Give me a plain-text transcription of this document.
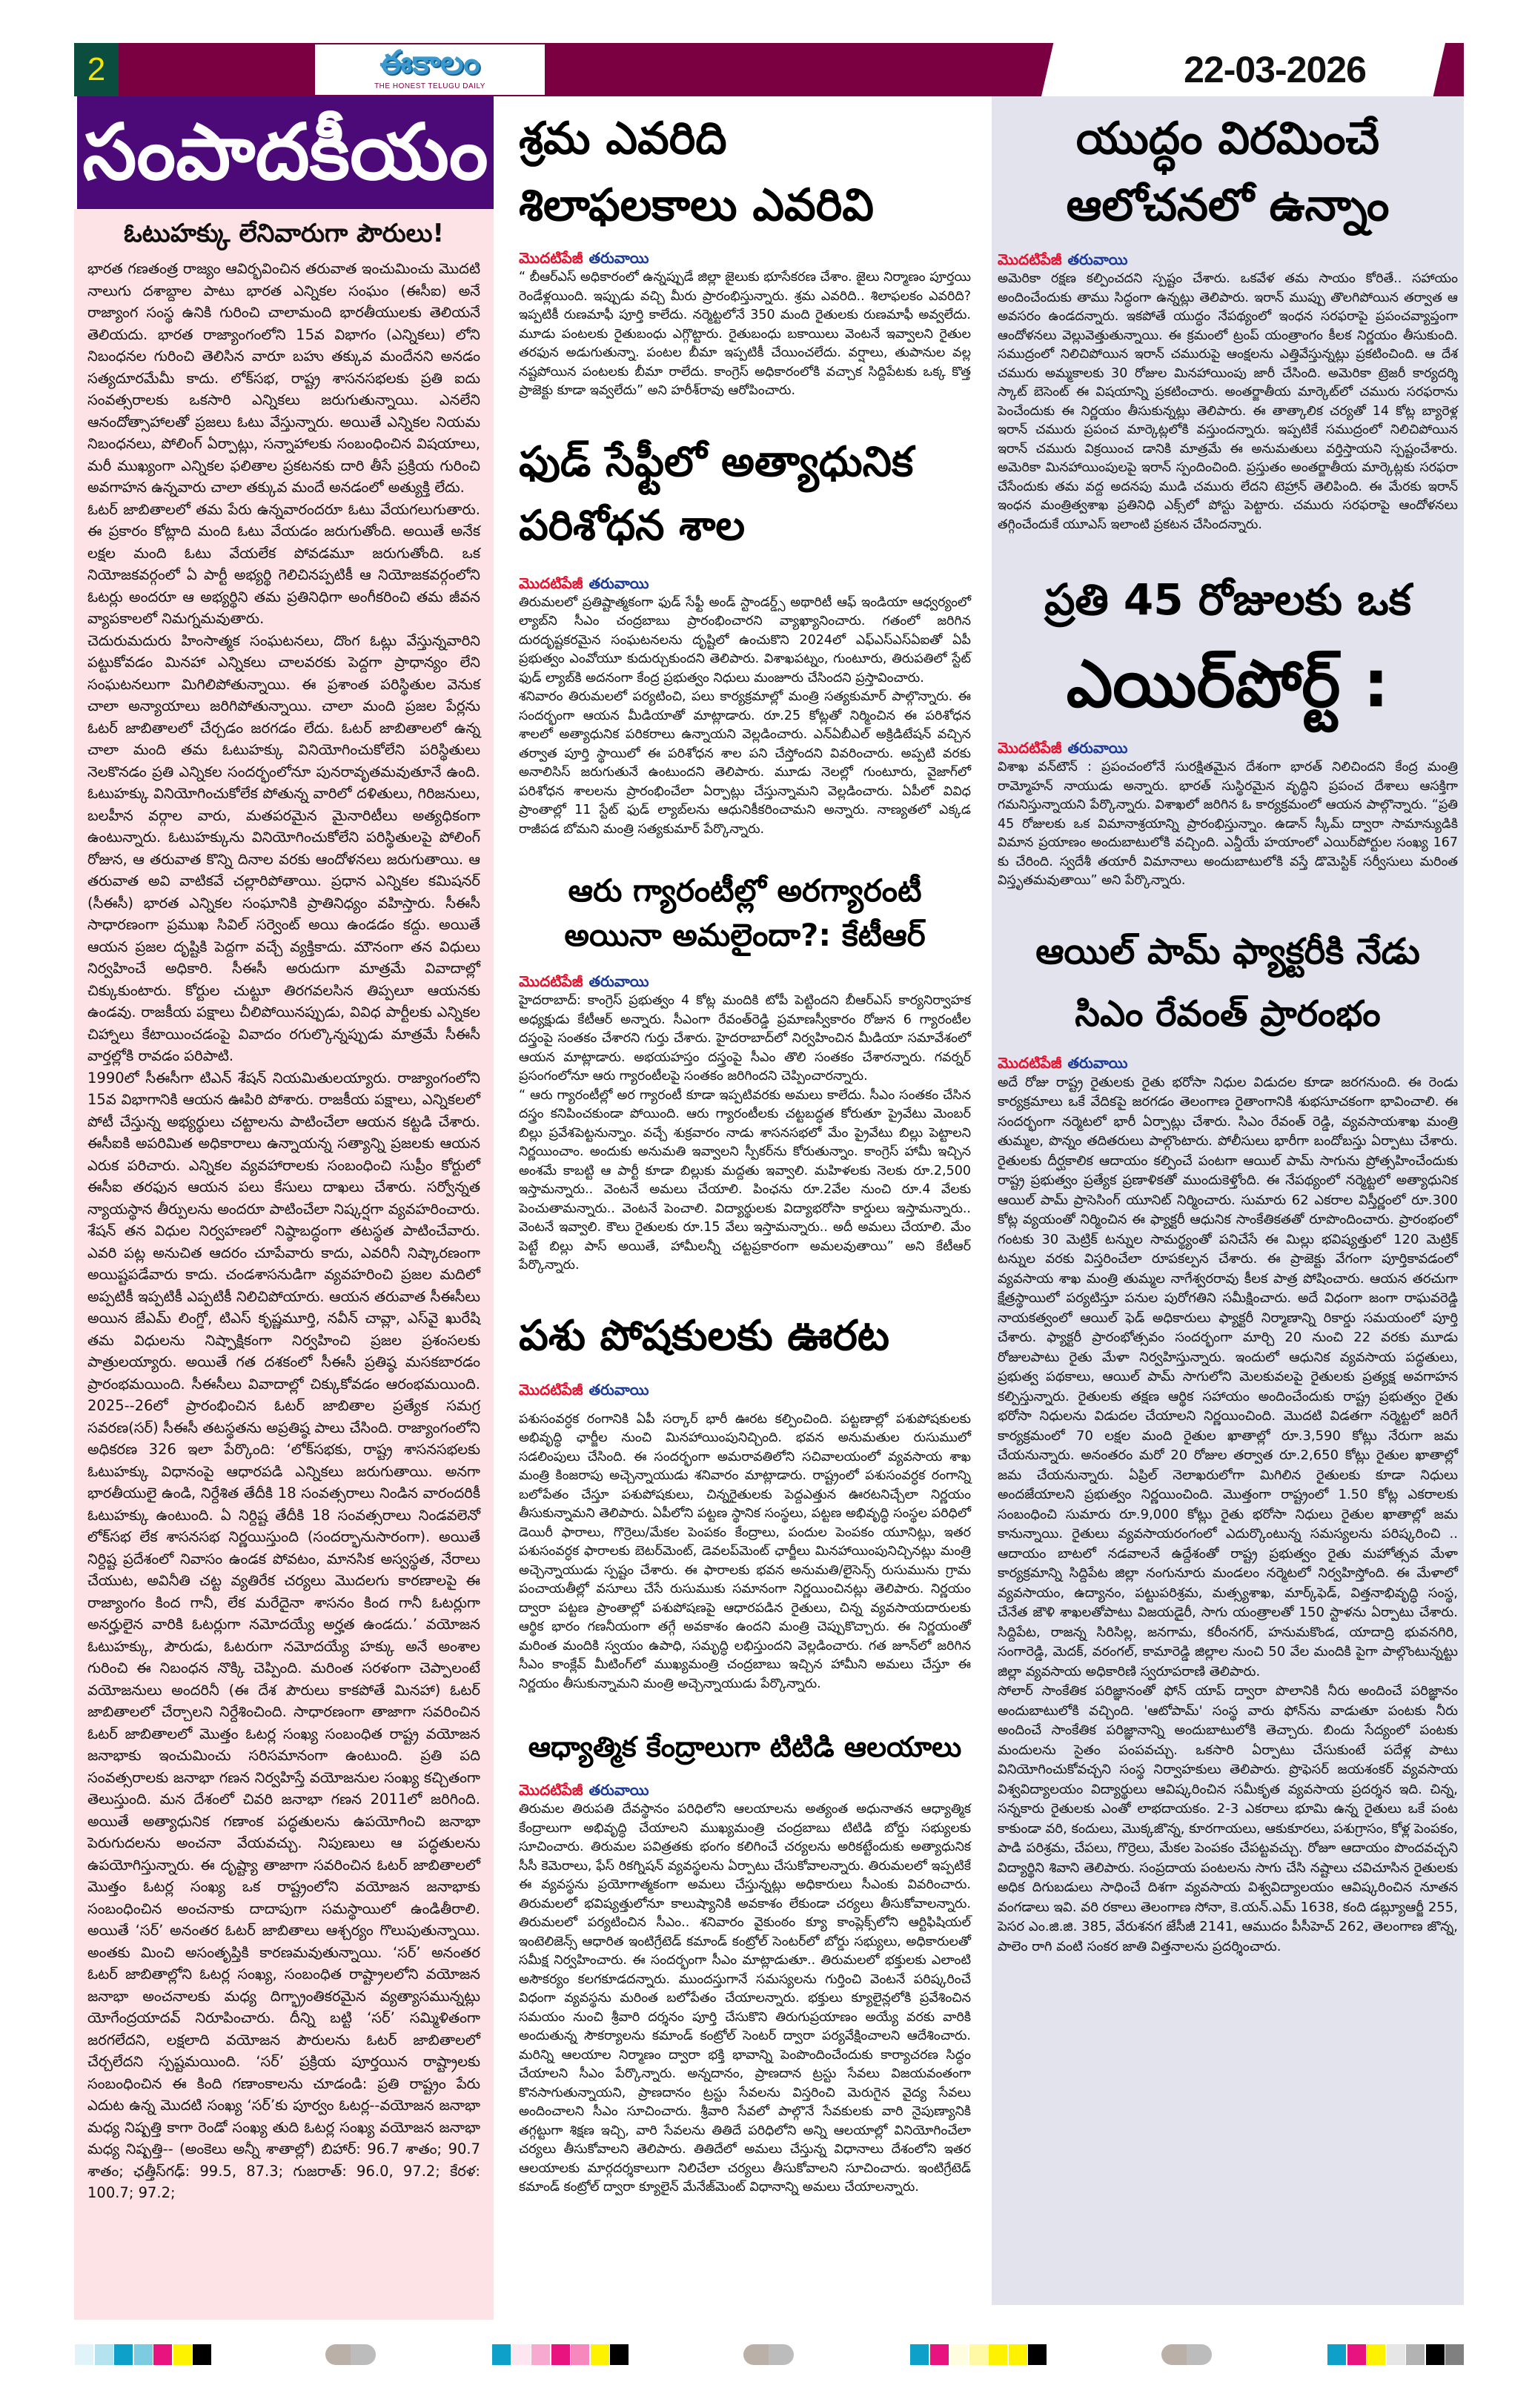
2	ఈకాలం
THE HONEST TELUGU DAILY	22-03-2026
సంపాదకీయం
ఓటుహక్కు లేనివారుగా పౌరులు!

భారత గణతంత్ర రాజ్యం ఆవిర్భవించిన తరువాత ఇంచుమించు మొదటి నాలుగు దశాబ్దాల పాటు భారత ఎన్నికల సంఘం (ఈసీఐ) అనే రాజ్యాంగ సంస్థ ఉనికి గురించి చాలామంది భారతీయులకు తెలియనే తెలియదు. భారత రాజ్యాంగంలోని 15వ విభాగం (ఎన్నికలు) లోని నిబంధనల గురించి తెలిసిన వారూ బహు తక్కువ మందేనని అనడం సత్యదూరమేమీ కాదు. లోక్‌సభ, రాష్ట్ర శాసనసభలకు ప్రతి ఐదు సంవత్సరాలకు ఒకసారి ఎన్నికలు జరుగుతున్నాయి. ఎనలేని ఆనందోత్సాహాలతో ప్రజలు ఓటు వేస్తున్నారు. అయితే ఎన్నికల నియమ నిబంధనలు, పోలింగ్ ఏర్పాట్లు, సన్నాహాలకు సంబంధించిన విషయాలు, మరీ ముఖ్యంగా ఎన్నికల ఫలితాల ప్రకటనకు దారి తీసే ప్రక్రియ గురించి అవగాహన ఉన్నవారు చాలా తక్కువ మందే అనడంలో అత్యుక్తి లేదు.

ఓటర్ జాబితాలలో తమ పేరు ఉన్నవారందరూ ఓటు వేయగలుగుతారు. ఈ ప్రకారం కోట్లాది మంది ఓటు వేయడం జరుగుతోంది. అయితే అనేక లక్షల మంది ఓటు వేయలేక పోవడమూ జరుగుతోంది. ఒక నియోజకవర్గంలో ఏ పార్టీ అభ్యర్థి గెలిచినప్పటికీ ఆ నియోజకవర్గంలోని ఓటర్లు అందరూ ఆ అభ్యర్థిని తమ ప్రతినిధిగా అంగీకరించి తమ జీవన వ్యాపకాలలో నిమగ్నమవుతారు.

చెదురుమదురు హింసాత్మక సంఘటనలు, దొంగ ఓట్లు వేస్తున్నవారిని పట్టుకోవడం మినహా ఎన్నికలు చాలవరకు పెద్దగా ప్రాధాన్యం లేని సంఘటనలుగా మిగిలిపోతున్నాయి. ఈ ప్రశాంత పరిస్థితుల వెనుక చాలా అన్యాయాలు జరిగిపోతున్నాయి. చాలా మంది ప్రజల పేర్లను ఓటర్ జాబితాలలో చేర్చడం జరగడం లేదు. ఓటర్ జాబితాలలో ఉన్న చాలా మంది తమ ఓటుహక్కు వినియోగించుకోలేని పరిస్థితులు నెలకొనడం ప్రతి ఎన్నికల సందర్భంలోనూ పునరావృతమవుతూనే ఉంది. ఓటుహక్కు వినియోగించుకోలేక పోతున్న వారిలో దళితులు, గిరిజనులు, బలహీన వర్గాల వారు, మతపరమైన మైనారిటీలు అత్యధికంగా ఉంటున్నారు. ఓటుహక్కును వినియోగించుకోలేని పరిస్థితులపై పోలింగ్ రోజున, ఆ తరువాత కొన్ని దినాల వరకు ఆందోళనలు జరుగుతాయి. ఆ తరువాత అవి వాటికవే చల్లారిపోతాయి. ప్రధాన ఎన్నికల కమిషనర్ (సీఈసీ) భారత ఎన్నికల సంఘానికి ప్రాతినిధ్యం వహిస్తారు. సీఈసీ సాధారణంగా ప్రముఖ సివిల్ సర్వెంట్ అయి ఉండడం కద్దు. అయితే ఆయన ప్రజల దృష్టికి పెద్దగా వచ్చే వ్యక్తికాదు. మౌనంగా తన విధులు నిర్వహించే అధికారి. సీఈసీ అరుదుగా మాత్రమే వివాదాల్లో చిక్కుకుంటారు. కోర్టుల చుట్టూ తిరగవలసిన తిప్పలూ ఆయనకు ఉండవు. రాజకీయ పక్షాలు చీలిపోయినప్పుడు, వివిధ పార్టీలకు ఎన్నికల చిహ్నాలు కేటాయించడంపై వివాదం రగుల్కొన్నప్పుడు మాత్రమే సీఈసీ వార్తల్లోకి రావడం పరిపాటి.

1990లో సీఈసీగా టిఎన్ శేషన్ నియమితులయ్యారు. రాజ్యాంగంలోని 15వ విభాగానికి ఆయన ఊపిరి పోశారు. రాజకీయ పక్షాలు, ఎన్నికలలో పోటీ చేస్తున్న అభ్యర్థులు చట్టాలను పాటించేలా ఆయన కట్టడి చేశారు. ఈసీఐకి అపరిమిత అధికారాలు ఉన్నాయన్న సత్యాన్ని ప్రజలకు ఆయన ఎరుక పరిచారు. ఎన్నికల వ్యవహారాలకు సంబంధించి సుప్రీం కోర్టులో ఈసీఐ తరఫున ఆయన పలు కేసులు దాఖలు చేశారు. సర్వోన్నత న్యాయస్థాన తీర్పులను అందరూ పాటించేలా నిష్కర్షగా వ్యవహరించారు. శేషన్ తన విధుల నిర్వహణలో నిష్ఠాబద్ధంగా తటస్థత పాటించేవారు. ఎవరి పట్ల అనుచిత ఆదరం చూపేవారు కాదు, ఎవరినీ నిష్కారణంగా అయిష్టపడేవారు కాదు. చండశాసనుడిగా వ్యవహరించి ప్రజల మదిలో అప్పటికీ ఇప్పటికీ ఎప్పటికీ నిలిచిపోయారు. ఆయన తరువాత సీఈసీలు అయిన జేఎమ్ లింగ్డో, టిఎస్ కృష్ణమూర్తి, నవీన్ చావ్లా, ఎస్‌వై ఖురేషి తమ విధులను నిష్పాక్షికంగా నిర్వహించి ప్రజల ప్రశంసలకు పాత్రులయ్యారు. అయితే గత దశకంలో సీఈసీ ప్రతిష్ఠ మసకబారడం ప్రారంభమయింది. సీఈసీలు వివాదాల్లో చిక్కుకోవడం ఆరంభమయింది. 2025--26లో ప్రారంభించిన ఓటర్ జాబితాల ప్రత్యేక సమగ్ర సవరణ(సర్) సీఈసీ తటస్థతను అప్రతిష్ఠ పాలు చేసింది. రాజ్యాంగంలోని అధికరణ 326 ఇలా పేర్కొంది: ‘లోక్‌సభకు, రాష్ట్ర శాసనసభలకు ఓటుహక్కు విధానంపై ఆధారపడి ఎన్నికలు జరుగుతాయి. అనగా భారతీయులై ఉండి, నిర్దేశిత తేదీకి 18 సంవత్సరాలు నిండిన వారందరికీ ఓటుహక్కు ఉంటుంది. ఏ నిర్దిష్ట తేదీకి 18 సంవత్సరాలు నిండవలెనో లోక్‌సభ లేక శాసనసభ నిర్ణయిస్తుంది (సందర్భానుసారంగా). అయితే నిర్దిష్ట ప్రదేశంలో నివాసం ఉండక పోవటం, మానసిక అస్వస్థత, నేరాలు చేయుట, అవినీతి చట్ట వ్యతిరేక చర్యలు మొదలగు కారణాలపై ఈ రాజ్యాంగం కింద గానీ, లేక మరేదైనా శాసనం కింద గానీ ఓటర్లుగా అనర్హులైన వారికి ఓటర్లుగా నమోదయ్యే అర్హత ఉండదు.’ వయోజన ఓటుహక్కు, పౌరుడు, ఓటరుగా నమోదయ్యే హక్కు అనే అంశాల గురించి ఈ నిబంధన నొక్కి చెప్పింది. మరింత సరళంగా చెప్పాలంటే వయోజనులు అందరినీ (ఈ దేశ పౌరులు కాకపోతే మినహా) ఓటర్ జాబితాలలో చేర్చాలని నిర్దేశించింది. సాధారణంగా తాజాగా సవరించిన ఓటర్ జాబితాలలో మొత్తం ఓటర్ల సంఖ్య సంబంధిత రాష్ట్ర వయోజన జనాభాకు ఇంచుమించు సరిసమానంగా ఉంటుంది. ప్రతి పది సంవత్సరాలకు జనాభా గణన నిర్వహిస్తే వయోజనుల సంఖ్య కచ్చితంగా తెలుస్తుంది. మన దేశంలో చివరి జనాభా గణన 2011లో జరిగింది. అయితే అత్యాధునిక గణాంక పద్ధతులను ఉపయోగించి జనాభా పెరుగుదలను అంచనా వేయవచ్చు. నిపుణులు ఆ పద్ధతులను ఉపయోగిస్తున్నారు. ఈ దృష్ట్యా తాజాగా సవరించిన ఓటర్ జాబితాలలో మొత్తం ఓటర్ల సంఖ్య ఒక రాష్ట్రంలోని వయోజన జనాభాకు సంబంధించిన అంచనాకు దాదాపుగా సమస్థాయిలో ఉండితీరాలి. అయితే ‘సర్’ అనంతర ఓటర్ జాబితాలు ఆశ్చర్యం గొలుపుతున్నాయి. అంతకు మించి అసంతృప్తికి కారణమవుతున్నాయి. ‘సర్’ అనంతర ఓటర్ జాబితాల్లోని ఓటర్ల సంఖ్య, సంబంధిత రాష్ట్రాలలోని వయోజన జనాభా అంచనాలకు మధ్య దిగ్భ్రాంతికరమైన వ్యత్యాసమున్నట్లు యోగేంద్రయాదవ్ నిరూపించారు. దీన్ని బట్టి ‘సర్’ సమ్మిళితంగా జరగలేదని, లక్షలాది వయోజన పౌరులను ఓటర్ జాబితాలలో చేర్చలేదని స్పష్టమయింది. ‘సర్’ ప్రక్రియ పూర్తయిన రాష్ట్రాలకు సంబంధించిన ఈ కింది గణాంకాలను చూడండి: ప్రతి రాష్ట్రం పేరు ఎదుట ఉన్న మొదటి సంఖ్య ‘సర్’కు పూర్వం ఓటర్ల--వయోజన జనాభా మధ్య నిష్పత్తి కాగా రెండో సంఖ్య తుది ఓటర్ల సంఖ్య వయోజన జనాభా మధ్య నిష్పత్తి-- (అంకెలు అన్నీ శాతాల్లో) బిహార్: 96.7 శాతం; 90.7 శాతం; ఛత్తీస్‌గఢ్: 99.5, 87.3; గుజరాత్: 96.0, 97.2; కేరళ: 100.7; 97.2;

శ్రమ ఎవరిది
శిలాఫలకాలు ఎవరివి
మొదటిపేజీ తరువాయి

“ బీఆర్ఎస్ అధికారంలో ఉన్నప్పుడే జిల్లా జైలుకు భూసేకరణ చేశాం. జైలు నిర్మాణం పూర్తయి రెండేళ్లయింది. ఇప్పుడు వచ్చి మీరు ప్రారంభిస్తున్నారు. శ్రమ ఎవరిది.. శిలాఫలకం ఎవరిది? ఇప్పటికీ రుణమాఫీ పూర్తి కాలేదు. నర్మెట్టలోనే 350 మంది రైతులకు రుణమాఫీ అవ్వలేదు. మూడు పంటలకు రైతుబంధు ఎగ్గొట్టారు. రైతుబంధు బకాయిలు వెంటనే ఇవ్వాలని రైతుల తరఫున అడుగుతున్నా. పంటల బీమా ఇప్పటికీ చేయించలేదు. వర్షాలు, తుపానుల వల్ల నష్టపోయిన పంటలకు బీమా రాలేదు. కాంగ్రెస్ అధికారంలోకి వచ్చాక సిద్దిపేటకు ఒక్క కొత్త ప్రాజెక్టు కూడా ఇవ్వలేదు” అని హరీశ్‌రావు ఆరోపించారు.

ఫుడ్ సేఫ్టీలో అత్యాధునిక
పరిశోధన శాల
మొదటిపేజీ తరువాయి

తిరుమలలో ప్రతిష్టాత్మకంగా ఫుడ్ సేఫ్టీ అండ్ స్టాండర్డ్స్ అథారిటీ ఆఫ్ ఇండియా ఆధ్వర్యంలో ల్యాబ్‌ని సీఎం చంద్రబాబు ప్రారంభించారని వ్యాఖ్యానించారు. గతంలో జరిగిన దురదృష్టకరమైన సంఘటనలను దృష్టిలో ఉంచుకొని 2024లో ఎఫ్ఎస్ఎస్ఏఐతో ఏపీ ప్రభుత్వం ఎంవోయూ కుదుర్చుకుందని తెలిపారు. విశాఖపట్నం, గుంటూరు, తిరుపతిలో స్టేట్ ఫుడ్ ల్యాబ్‌కి అదనంగా కేంద్ర ప్రభుత్వం నిధులు మంజూరు చేసిందని ప్రస్తావించారు.

శనివారం తిరుమలలో పర్యటించి, పలు కార్యక్రమాల్లో మంత్రి సత్యకుమార్ పాల్గొన్నారు. ఈ సందర్భంగా ఆయన మీడియాతో మాట్లాడారు. రూ.25 కోట్లతో నిర్మించిన ఈ పరిశోధన శాలలో అత్యాధునిక పరికరాలు ఉన్నాయని వెల్లడించారు. ఎన్ఏబీఎల్ అక్రిడిటేషన్ వచ్చిన తర్వాత పూర్తి స్థాయిలో ఈ పరిశోధన శాల పని చేస్తోందని వివరించారు. అప్పటి వరకు అనాలిసిస్ జరుగుతునే ఉంటుందని తెలిపారు. మూడు నెలల్లో గుంటూరు, వైజాగ్‌లో పరిశోధన శాలలను ప్రారంభించేలా ఏర్పాట్లు చేస్తున్నామని వెల్లడించారు. ఏపీలో వివిధ ప్రాంతాల్లో 11 స్టేట్ ఫుడ్ ల్యాబ్‌లను ఆధునికీకరించామని అన్నారు. నాణ్యతలో ఎక్కడ రాజీపడ బోమని మంత్రి సత్యకుమార్ పేర్కొన్నారు.

ఆరు గ్యారంటీల్లో అరగ్యారంటీ
అయినా అమలైందా?: కేటీఆర్
మొదటిపేజీ తరువాయి

హైదరాబాద్: కాంగ్రెస్ ప్రభుత్వం 4 కోట్ల మందికి టోపీ పెట్టిందని బీఆర్ఎస్ కార్యనిర్వాహక అధ్యక్షుడు కేటీఆర్ అన్నారు. సీఎంగా రేవంత్‌రెడ్డి ప్రమాణస్వీకారం రోజున 6 గ్యారంటీల దస్త్రంపై సంతకం చేశారని గుర్తు చేశారు. హైదరాబాద్‌లో నిర్వహించిన మీడియా సమావేశంలో ఆయన మాట్లాడారు. అభయహస్తం దస్త్రంపై సీఎం తొలి సంతకం చేశారన్నారు. గవర్నర్ ప్రసంగంలోనూ ఆరు గ్యారంటీలపై సంతకం జరిగిందని చెప్పించారన్నారు.

“ ఆరు గ్యారంటీల్లో అర గ్యారంటీ కూడా ఇప్పటివరకు అమలు కాలేదు. సీఎం సంతకం చేసిన దస్త్రం కనిపించకుండా పోయింది. ఆరు గ్యారంటీలకు చట్టబద్ధత కోరుతూ ప్రైవేటు మెంబర్ బిల్లు ప్రవేశపెట్టనున్నాం. వచ్చే శుక్రవారం నాడు శాసనసభలో మేం ప్రైవేటు బిల్లు పెట్టాలని నిర్ణయించాం. అందుకు అనుమతి ఇవ్వాలని స్పీకర్‌ను కోరుతున్నాం. కాంగ్రెస్ హామీ ఇచ్చిన అంశమే కాబట్టి ఆ పార్టీ కూడా బిల్లుకు మద్దతు ఇవ్వాలి. మహిళలకు నెలకు రూ.2,500 ఇస్తామన్నారు.. వెంటనే అమలు చేయాలి. పింఛను రూ.2వేల నుంచి రూ.4 వేలకు పెంచుతామన్నారు.. వెంటనే పెంచాలి. విద్యార్థులకు విద్యాభరోసా కార్డులు ఇస్తామన్నారు.. వెంటనే ఇవ్వాలి. కౌలు రైతులకు రూ.15 వేలు ఇస్తామన్నారు.. అదీ అమలు చేయాలి. మేం పెట్టే బిల్లు పాస్ అయితే, హామీలన్నీ చట్టప్రకారంగా అమలవుతాయి” అని కేటీఆర్ పేర్కొన్నారు.

పశు పోషకులకు ఊరట
మొదటిపేజీ తరువాయి

పశుసంవర్ధక రంగానికి ఏపీ సర్కార్ భారీ ఊరట కల్పించింది. పట్టణాల్లో పశుపోషకులకు అభివృద్ధి ఛార్జీల నుంచి మినహాయింపునిచ్చింది. భవన అనుమతుల రుసుములో సడలింపులు చేసింది. ఈ సందర్భంగా అమరావతిలోని సచివాలయంలో వ్యవసాయ శాఖ మంత్రి కింజరాపు అచ్చెన్నాయుడు శనివారం మాట్లాడారు. రాష్ట్రంలో పశుసంవర్ధక రంగాన్ని బలోపేతం చేస్తూ పశుపోషకులు, చిన్నరైతులకు పెద్దఎత్తున ఊరటనిచ్చేలా నిర్ణయం తీసుకున్నామని తెలిపారు. ఏపీలోని పట్టణ స్థానిక సంస్థలు, పట్టణ అభివృద్ధి సంస్థల పరిధిలో డెయిరీ ఫారాలు, గొర్రెలు/మేకల పెంపకం కేంద్రాలు, పందుల పెంపకం యూనిట్లు, ఇతర పశుసంవర్ధక ఫారాలకు బెటర్‌మెంట్, డెవలప్‌మెంట్ ఛార్జీలు మినహాయింపునిచ్చినట్లు మంత్రి అచ్చెన్నాయుడు స్పష్టం చేశారు. ఈ ఫారాలకు భవన అనుమతి/లైసెన్స్ రుసుమును గ్రామ పంచాయతీల్లో వసూలు చేసే రుసుముకు సమానంగా నిర్ణయించినట్లు తెలిపారు. నిర్ణయం ద్వారా పట్టణ ప్రాంతాల్లో పశుపోషణపై ఆధారపడిన రైతులు, చిన్న వ్యవసాయదారులకు ఆర్థిక భారం గణనీయంగా తగ్గే అవకాశం ఉందని మంత్రి చెప్పుకొచ్చారు. ఈ నిర్ణయంతో మరింత మందికి స్వయం ఉపాధి, సమృద్ధి లభిస్తుందని వెల్లడించారు. గత జూన్‌లో జరిగిన సీఎం కాంక్లేవ్ మీటింగ్‌లో ముఖ్యమంత్రి చంద్రబాబు ఇచ్చిన హామీని అమలు చేస్తూ ఈ నిర్ణయం తీసుకున్నామని మంత్రి అచ్చెన్నాయుడు పేర్కొన్నారు.

ఆధ్యాత్మిక కేంద్రాలుగా టిటిడి ఆలయాలు
మొదటిపేజీ తరువాయి

తిరుమల తిరుపతి దేవస్థానం పరిధిలోని ఆలయాలను అత్యంత అధునాతన ఆధ్యాత్మిక కేంద్రాలుగా అభివృద్ధి చేయాలని ముఖ్యమంత్రి చంద్రబాబు టిటిడి బోర్డు సభ్యులకు సూచించారు. తిరుమల పవిత్రతకు భంగం కలిగించే చర్యలను అరికట్టేందుకు అత్యాధునిక సీసీ కెమెరాలు, ఫేస్ రికగ్నిషన్ వ్యవస్థలను ఏర్పాటు చేసుకోవాలన్నారు. తిరుమలలో ఇప్పటికే ఈ వ్యవస్థను ప్రయోగాత్మకంగా అమలు చేస్తున్నట్లు అధికారులు సీఎంకు వివరించారు. తిరుమలలో భవిష్యత్తులోనూ కాలుష్యానికి అవకాశం లేకుండా చర్యలు తీసుకోవాలన్నారు. తిరుమలలో పర్యటించిన సీఎం.. శనివారం వైకుంఠం క్యూ కాంప్లెక్స్‌లోని ఆర్టిఫిషియల్ ఇంటెలిజెన్స్ ఆధారిత ఇంటిగ్రేటెడ్ కమాండ్ కంట్రోల్ సెంటర్‌లో బోర్డు సభ్యులు, అధికారులతో సమీక్ష నిర్వహించారు. ఈ సందర్భంగా సీఎం మాట్లాడుతూ.. తిరుమలలో భక్తులకు ఎలాంటి అసౌకర్యం కలగకూడదన్నారు. ముందస్తుగానే సమస్యలను గుర్తించి వెంటనే పరిష్కరించే విధంగా వ్యవస్థను మరింత బలోపేతం చేయాలన్నారు. భక్తులు క్యూలైన్లలోకి ప్రవేశించిన సమయం నుంచి శ్రీవారి దర్శనం పూర్తి చేసుకొని తిరుగుప్రయాణం అయ్యే వరకు వారికి అందుతున్న సౌకర్యాలను కమాండ్ కంట్రోల్ సెంటర్ ద్వారా పర్యవేక్షించాలని ఆదేశించారు. మరిన్ని ఆలయాల నిర్మాణం ద్వారా భక్తి భావాన్ని పెంపొందించేందుకు కార్యాచరణ సిద్ధం చేయాలని సీఎం పేర్కొన్నారు. అన్నదానం, ప్రాణదాన ట్రస్టు సేవలు విజయవంతంగా కొనసాగుతున్నాయని, ప్రాణదానం ట్రస్టు సేవలను విస్తరించి మెరుగైన వైద్య సేవలు అందించాలని సీఎం సూచించారు. శ్రీవారి సేవలో పాల్గొనే సేవకులకు వారి నైపుణ్యానికి తగ్గట్టుగా శిక్షణ ఇచ్చి, వారి సేవలను తితిదే పరిధిలోని అన్ని ఆలయాల్లో వినియోగించేలా చర్యలు తీసుకోవాలని తెలిపారు. తితిదేలో అమలు చేస్తున్న విధానాలు దేశంలోని ఇతర ఆలయాలకు మార్గదర్శకాలుగా నిలిచేలా చర్యలు తీసుకోవాలని సూచించారు. ఇంటిగ్రేటెడ్ కమాండ్ కంట్రోల్ ద్వారా క్యూలైన్ మేనేజ్‌మెంట్ విధానాన్ని అమలు చేయాలన్నారు.

యుద్ధం విరమించే
ఆలోచనలో ఉన్నాం
మొదటిపేజీ తరువాయి

అమెరికా రక్షణ కల్పించదని స్పష్టం చేశారు. ఒకవేళ తమ సాయం కోరితే.. సహాయం అందించేందుకు తాము సిద్ధంగా ఉన్నట్లు తెలిపారు. ఇరాన్ ముప్పు తొలగిపోయిన తర్వాత ఆ అవసరం ఉండదన్నారు. ఇకపోతే యుద్ధం నేపథ్యంలో ఇంధన సరఫరాపై ప్రపంచవ్యాప్తంగా ఆందోళనలు వెల్లువెత్తుతున్నాయి. ఈ క్రమంలో ట్రంప్ యంత్రాంగం కీలక నిర్ణయం తీసుకుంది. సముద్రంలో నిలిచిపోయిన ఇరాన్ చమురుపై ఆంక్షలను ఎత్తివేస్తున్నట్లు ప్రకటించింది. ఆ దేశ చమురు అమ్మకాలకు 30 రోజుల మినహాయింపు జారీ చేసింది. అమెరికా ట్రెజరీ కార్యదర్శి స్కాట్ బెసెంట్ ఈ విషయాన్ని ప్రకటించారు. అంతర్జాతీయ మార్కెట్‌లో చమురు సరఫరాను పెంచేందుకు ఈ నిర్ణయం తీసుకున్నట్లు తెలిపారు. ఈ తాత్కాలిక చర్యతో 14 కోట్ల బ్యారెళ్ల ఇరాన్ చమురు ప్రపంచ మార్కెట్లలోకి వస్తుందన్నారు. ఇప్పటికే సముద్రంలో నిలిచిపోయిన ఇరాన్ చమురు విక్రయించ డానికి మాత్రమే ఈ అనుమతులు వర్తిస్తాయని స్పష్టంచేశారు. అమెరికా మినహాయింపులపై ఇరాన్ స్పందించింది. ప్రస్తుతం అంతర్జాతీయ మార్కెట్లకు సరఫరా చేసేందుకు తమ వద్ద అదనపు ముడి చమురు లేదని టెహ్రాన్ తెలిపింది. ఈ మేరకు ఇరాన్ ఇంధన మంత్రిత్వశాఖ ప్రతినిధి ఎక్స్‌లో పోస్టు పెట్టారు. చమురు సరఫరాపై ఆందోళనలు తగ్గించేందుకే యూఎస్ ఇలాంటి ప్రకటన చేసిందన్నారు.

ప్రతి 45 రోజులకు ఒక
ఎయిర్‌పోర్ట్ :
మొదటిపేజీ తరువాయి

విశాఖ వన్‌టౌన్ : ప్రపంచంలోనే సురక్షితమైన దేశంగా భారత్ నిలిచిందని కేంద్ర మంత్రి రామ్మోహన్ నాయుడు అన్నారు. భారత్ సుస్థిరమైన వృద్ధిని ప్రపంచ దేశాలు ఆసక్తిగా గమనిస్తున్నాయని పేర్కొన్నారు. విశాఖలో జరిగిన ఓ కార్యక్రమంలో ఆయన పాల్గొన్నారు. “ప్రతి 45 రోజులకు ఒక విమానాశ్రయాన్ని ప్రారంభిస్తున్నాం. ఉడాన్ స్కీమ్ ద్వారా సామాన్యుడికి విమాన ప్రయాణం అందుబాటులోకి వచ్చింది. ఎన్డీయే హయాంలో ఎయిర్‌పోర్టుల సంఖ్య 167 కు చేరింది. స్వదేశీ తయారీ విమానాలు అందుబాటులోకి వస్తే డొమెస్టిక్ సర్వీసులు మరింత విస్తృతమవుతాయి” అని పేర్కొన్నారు.

ఆయిల్ పామ్ ఫ్యాక్టరీకి నేడు
సిఎం రేవంత్ ప్రారంభం
మొదటిపేజీ తరువాయి

అదే రోజు రాష్ట్ర రైతులకు రైతు భరోసా నిధుల విడుదల కూడా జరగనుంది. ఈ రెండు కార్యక్రమాలు ఒకే వేదికపై జరగడం తెలంగాణ రైతాంగానికి శుభసూచకంగా భావించాలి. ఈ సందర్భంగా నర్మెటలో భారీ ఏర్పాట్లు చేశారు. సిఎం రేవంత్ రెడ్డి, వ్యవసాయశాఖ మంత్రి తుమ్మల, పొన్నం తదితరులు పాల్గొంటారు. పోలీసులు భారీగా బందోబస్తు ఏర్పాటు చేశారు. రైతులకు దీర్ఘకాలిక ఆదాయం కల్పించే పంటగా ఆయిల్ పామ్ సాగును ప్రోత్సహించేందుకు రాష్ట్ర ప్రభుత్వం ప్రత్యేక ప్రణాళికతో ముందుకెళ్తోంది. ఈ నేపథ్యంలో నర్మెట్టలో అత్యాధునిక ఆయిల్ పామ్ ప్రాసెసింగ్ యూనిట్ నిర్మించారు. సుమారు 62 ఎకరాల విస్తీర్ణంలో రూ.300 కోట్ల వ్యయంతో నిర్మించిన ఈ ఫ్యాక్టరీ ఆధునిక సాంకేతికతతో రూపొందించారు. ప్రారంభంలో గంటకు 30 మెట్రిక్ టన్నుల సామర్థ్యంతో పనిచేసే ఈ మిల్లు భవిష్యత్తులో 120 మెట్రిక్ టన్నుల వరకు విస్తరించేలా రూపకల్పన చేశారు. ఈ ప్రాజెక్టు వేగంగా పూర్తికావడంలో వ్యవసాయ శాఖ మంత్రి తుమ్మల నాగేశ్వరరావు కీలక పాత్ర పోషించారు. ఆయన తరచుగా క్షేత్రస్థాయిలో పర్యటిస్తూ పనుల పురోగతిని సమీక్షించారు. అదే విధంగా జంగా రాఘవరెడ్డి నాయకత్వంలో ఆయిల్ ఫెడ్ అధికారులు ఫ్యాక్టరీ నిర్మాణాన్ని రికార్డు సమయంలో పూర్తి చేశారు. ఫ్యాక్టరీ ప్రారంభోత్సవం సందర్భంగా మార్చి 20 నుంచి 22 వరకు మూడు రోజులపాటు రైతు మేళా నిర్వహిస్తున్నారు. ఇందులో ఆధునిక వ్యవసాయ పద్ధతులు, ప్రభుత్వ పథకాలు, ఆయిల్ పామ్ సాగులోని మెలకువలపై రైతులకు ప్రత్యక్ష అవగాహన కల్పిస్తున్నారు. రైతులకు తక్షణ ఆర్థిక సహాయం అందించేందుకు రాష్ట్ర ప్రభుత్వం రైతు భరోసా నిధులను విడుదల చేయాలని నిర్ణయించింది. మొదటి విడతగా నర్మెట్టలో జరిగే కార్యక్రమంలో 70 లక్షల మంది రైతుల ఖాతాల్లో రూ.3,590 కోట్లు నేరుగా జమ చేయనున్నారు. అనంతరం మరో 20 రోజుల తర్వాత రూ.2,650 కోట్లు రైతుల ఖాతాల్లో జమ చేయనున్నారు. ఏప్రిల్ నెలాఖరులోగా మిగిలిన రైతులకు కూడా నిధులు అందజేయాలని ప్రభుత్వం నిర్ణయించింది. మొత్తంగా రాష్ట్రంలో 1.50 కోట్ల ఎకరాలకు సంబంధించి సుమారు రూ.9,000 కోట్లు రైతు భరోసా నిధులు రైతుల ఖాతాల్లో జమ కానున్నాయి. రైతులు వ్యవసాయరంగంలో ఎదుర్కొంటున్న సమస్యలను పరిష్కరించి .. ఆదాయం బాటలో నడవాలనే ఉద్దేశంతో రాష్ట్ర ప్రభుత్వం రైతు మహోత్సవ మేళా కార్యక్రమాన్ని సిద్దిపేట జిల్లా నంగునూరు మండలం నర్మెటలో నిర్వహిస్తోంది. ఈ మేళాలో వ్యవసాయం, ఉద్యానం, పట్టుపరిశ్రమ, మత్స్యశాఖ, మార్క్‌ఫెడ్, విత్తనాభివృద్ధి సంస్థ, చేనేత జౌళి శాఖలతోపాటు విజయడైరీ, సాగు యంత్రాలతో 150 స్టాళను ఏర్పాటు చేశారు. సిద్దిపేట, రాజన్న సిరిసిల్ల, జనగామ, కరీంనగర్, హనుమకొండ, యాదాద్రి భువనగిరి, సంగారెడ్డి, మెదక్, వరంగల్, కామారెడ్డి జిల్లాల నుంచి 50 వేల మందికి పైగా పాల్గొంటున్నట్టు జిల్లా వ్యవసాయ అధికారిణి స్వరూపరాణి తెలిపారు.

సోలార్ సాంకేతిక పరిజ్ఞానంతో ఫోన్ యాప్ ద్వారా పొలానికి నీరు అందించే పరిజ్ఞానం అందుబాటులోకి వచ్చింది. 'ఆటోపామ్' సంస్థ వారు ఫోన్‌ను వాడుతూ పంటకు నీరు అందించే సాంకేతిక పరిజ్ఞానాన్ని అందుబాటులోకి తెచ్చారు. బిందు సేద్యంలో పంటకు మందులను సైతం పంపవచ్చు. ఒకసారి ఏర్పాటు చేసుకుంటే పదేళ్ల పాటు వినియోగించుకోవచ్చని సంస్థ నిర్వాహకులు తెలిపారు. ప్రొఫెసర్ జయశంకర్ వ్యవసాయ విశ్వవిద్యాలయం విద్యార్థులు ఆవిష్కరించిన సమీకృత వ్యవసాయ ప్రదర్శన ఇది. చిన్న, సన్నకారు రైతులకు ఎంతో లాభదాయకం. 2-3 ఎకరాలు భూమి ఉన్న రైతులు ఒకే పంట కాకుండా వరి, కందులు, మొక్కజొన్న, కూరగాయలు, ఆకుకూరలు, పశుగ్రాసం, కోళ్ల పెంపకం, పాడి పరిశ్రమ, చేపలు, గొర్రెలు, మేకల పెంపకం చేపట్టవచ్చు. రోజూ ఆదాయం పొందవచ్చని విద్యార్థిని శివాని తెలిపారు. సంప్రదాయ పంటలను సాగు చేసి నష్టాలు చవిచూసిన రైతులకు అధిక దిగుబడులు సాధించే దిశగా వ్యవసాయ విశ్వవిద్యాలయం ఆవిష్కరించిన నూతన వంగడాలు ఇవి. వరి రకాలు తెలంగాణ సోనా, కె.యన్.ఎమ్ 1638, కంది డబ్ల్యూఆర్జీ 255, పెసర ఎం.జి.జి. 385, వేరుశనగ జేసీజీ 2141, ఆముదం పీసీహెచ్ 262, తెలంగాణ జొన్న, పాలెం రాగి వంటి సంకర జాతి విత్తనాలను ప్రదర్శించారు.
